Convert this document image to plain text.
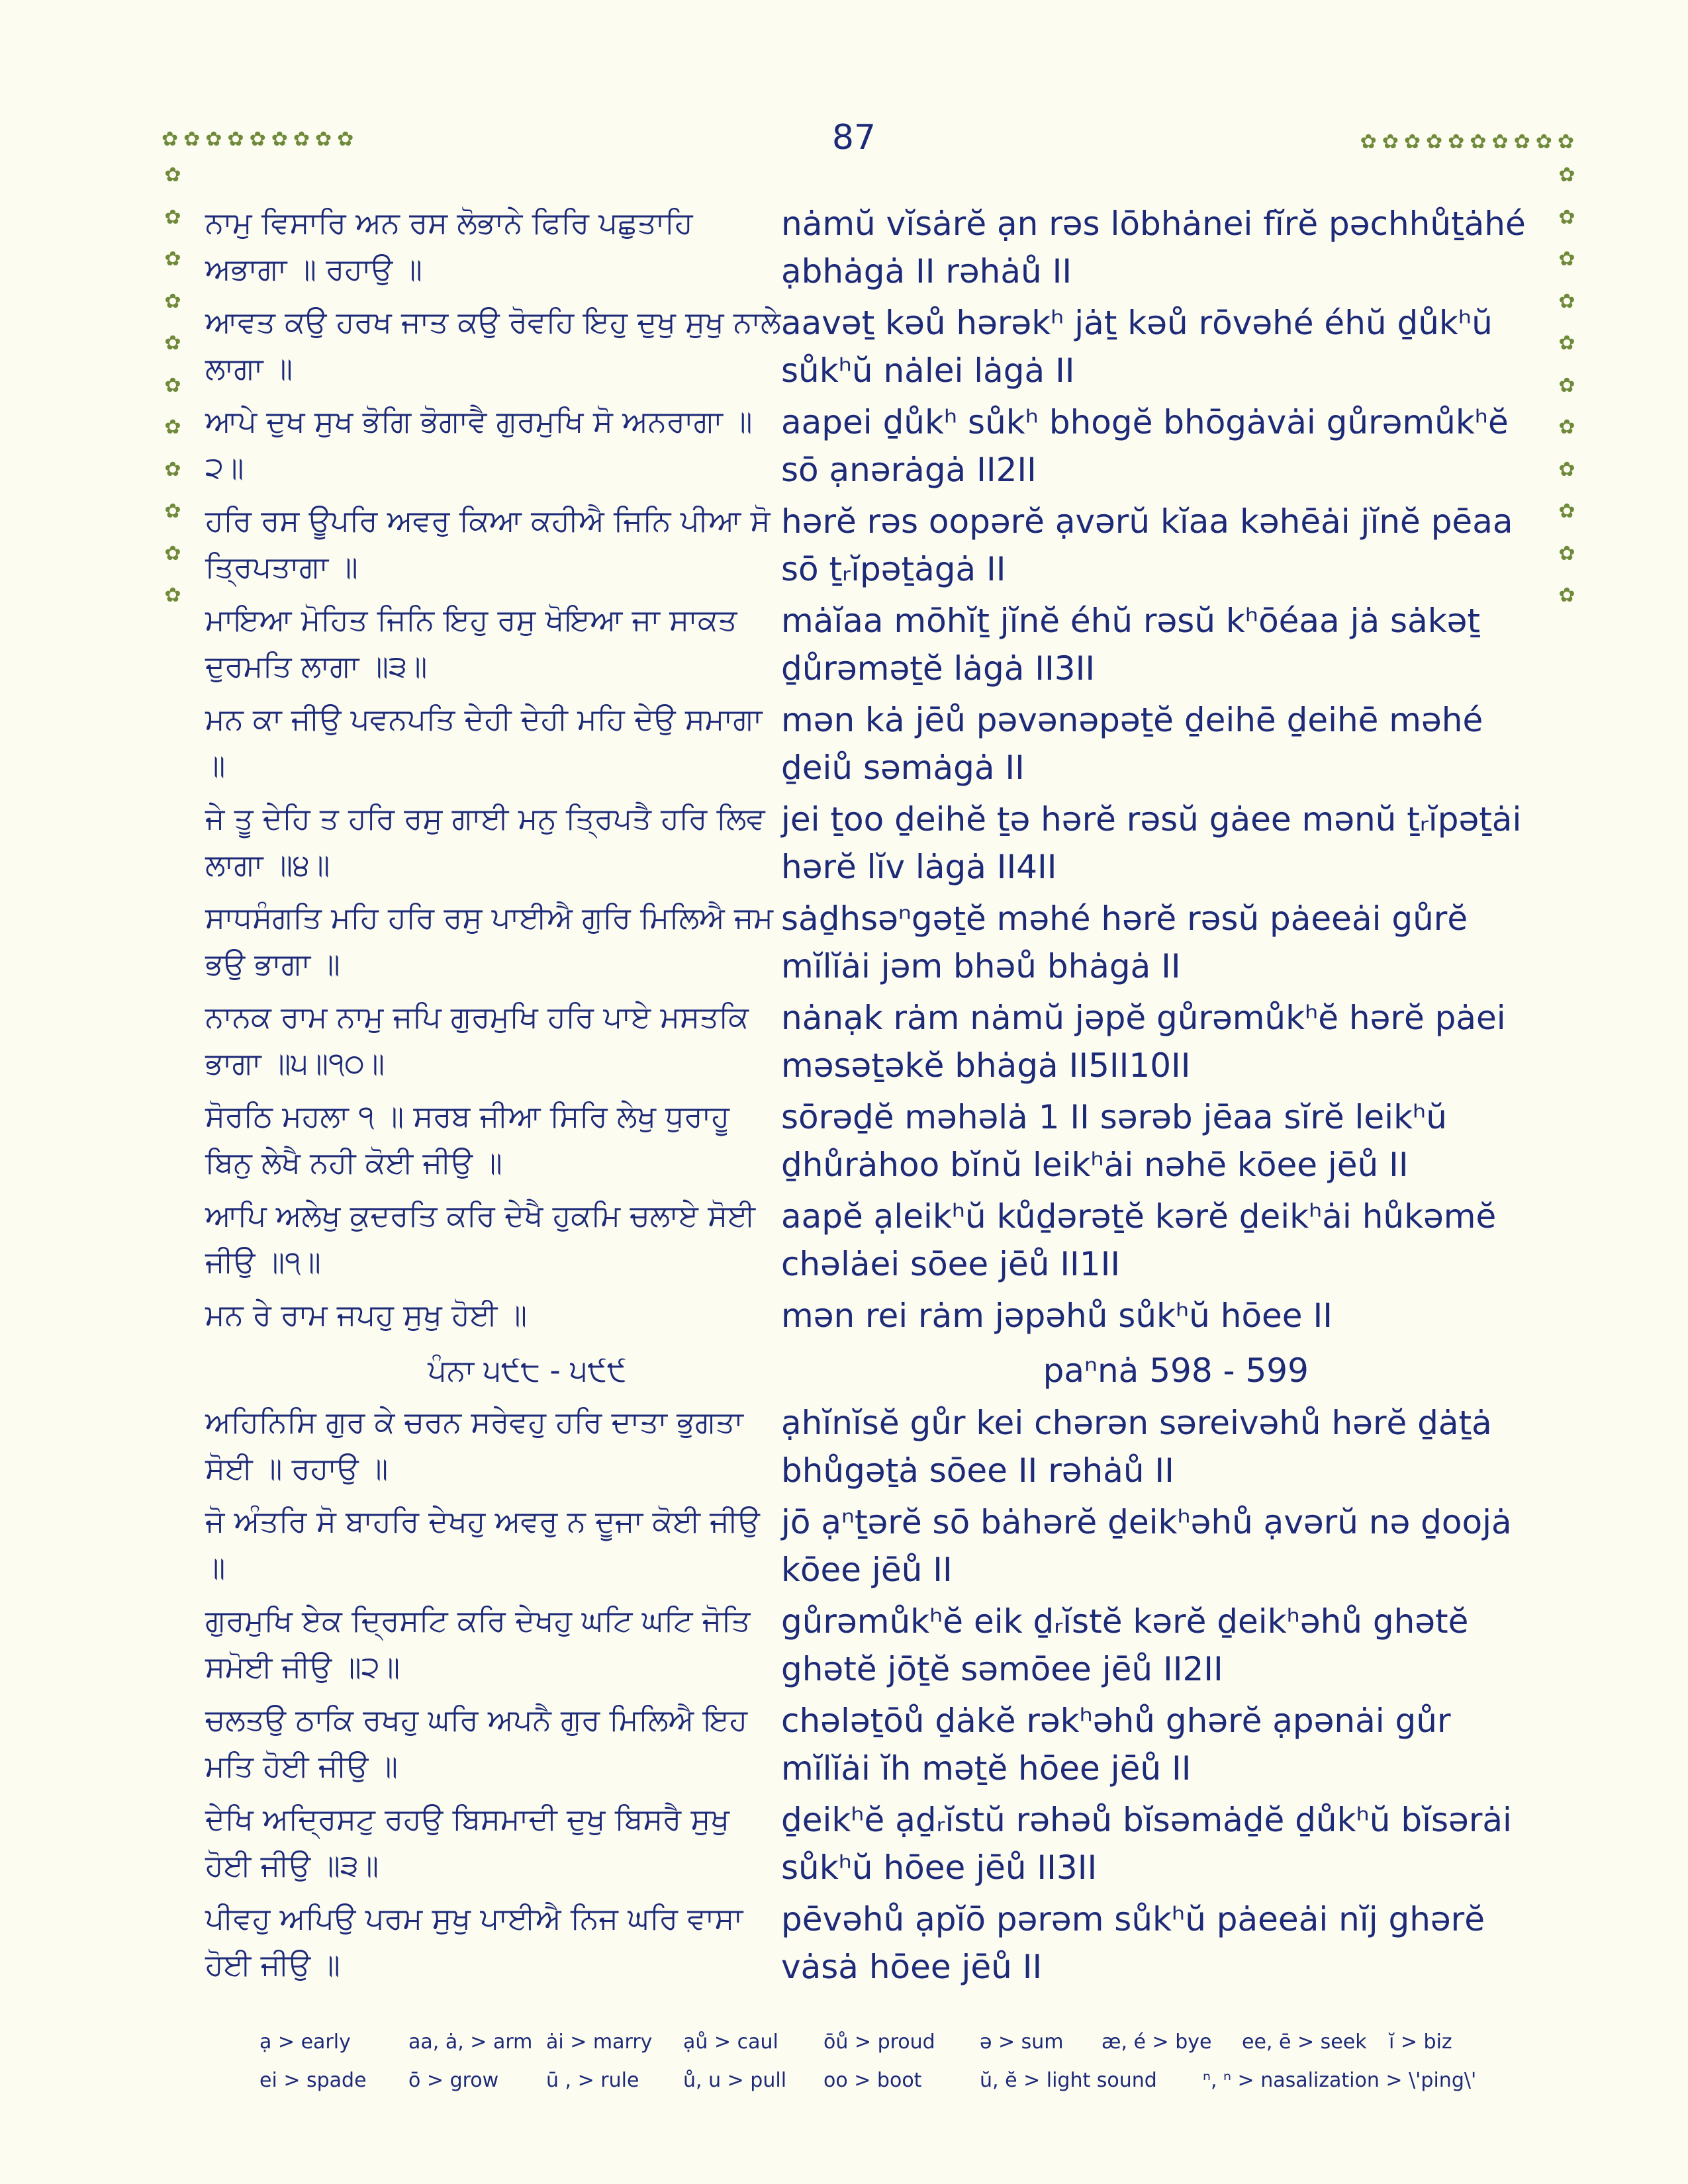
✿✿✿✿✿✿✿✿✿	87	✿✿✿✿✿✿✿✿✿✿
✿
✿
✿
✿
✿
✿
✿
✿
✿
✿
✿
✿
✿
✿
✿
✿
✿
✿
✿
✿
✿
✿
ਨਾਮੁ ਵਿਸਾਰਿ ਅਨ ਰਸ ਲੋਭਾਨੇ ਫਿਰਿ ਪਛੁਤਾਹਿ ਅਭਾਗਾ ॥ ਰਹਾਉ ॥
nȧmŭ vĭsȧrĕ ạn rəs lōbhȧnei fĭrĕ pəchhůṯȧhé ạbhȧgȧ II rəhȧů II
ਆਵਤ ਕਉ ਹਰਖ ਜਾਤ ਕਉ ਰੋਵਹਿ ਇਹੁ ਦੁਖੁ ਸੁਖੁ ਨਾਲੇ ਲਾਗਾ ॥
aavəṯ kəů hərəkʰ jȧṯ kəů rōvəhé éhŭ ḏůkʰŭ sůkʰŭ nȧlei lȧgȧ II
ਆਪੇ ਦੁਖ ਸੁਖ ਭੋਗਿ ਭੋਗਾਵੈ ਗੁਰਮੁਖਿ ਸੋ ਅਨਰਾਗਾ ॥੨॥
aapei ḏůkʰ sůkʰ bhogĕ bhōgȧvȧi gůrəmůkʰĕ sō ạnərȧgȧ II2II
ਹਰਿ ਰਸ ਊਪਰਿ ਅਵਰੁ ਕਿਆ ਕਹੀਐ ਜਿਨਿ ਪੀਆ ਸੋ ਤ੍ਰਿਪਤਾਗਾ ॥
hərĕ rəs oopərĕ ạvərŭ kĭaa kəhēȧi jĭnĕ pēaa sō ṯᵣĭpəṯȧgȧ II
ਮਾਇਆ ਮੋਹਿਤ ਜਿਨਿ ਇਹੁ ਰਸੁ ਖੋਇਆ ਜਾ ਸਾਕਤ ਦੁਰਮਤਿ ਲਾਗਾ ॥੩॥
mȧĭaa mōhĭṯ jĭnĕ éhŭ rəsŭ kʰōéaa jȧ sȧkəṯ ḏůrəməṯĕ lȧgȧ II3II
ਮਨ ਕਾ ਜੀਉ ਪਵਨਪਤਿ ਦੇਹੀ ਦੇਹੀ ਮਹਿ ਦੇਉ ਸਮਾਗਾ ॥
mən kȧ jēů pəvənəpəṯĕ ḏeihē ḏeihē məhé ḏeiů səmȧgȧ II
ਜੇ ਤੂ ਦੇਹਿ ਤ ਹਰਿ ਰਸੁ ਗਾਈ ਮਨੁ ਤ੍ਰਿਪਤੈ ਹਰਿ ਲਿਵ ਲਾਗਾ ॥੪॥
jei ṯoo ḏeihĕ ṯə hərĕ rəsŭ gȧee mənŭ ṯᵣĭpəṯȧi hərĕ lĭv lȧgȧ II4II
ਸਾਧਸੰਗਤਿ ਮਹਿ ਹਰਿ ਰਸੁ ਪਾਈਐ ਗੁਰਿ ਮਿਲਿਐ ਜਮ ਭਉ ਭਾਗਾ ॥
sȧḏhsəⁿgəṯĕ məhé hərĕ rəsŭ pȧeeȧi gůrĕ mĭlĭȧi jəm bhəů bhȧgȧ II
ਨਾਨਕ ਰਾਮ ਨਾਮੁ ਜਪਿ ਗੁਰਮੁਖਿ ਹਰਿ ਪਾਏ ਮਸਤਕਿ ਭਾਗਾ ॥੫॥੧੦॥
nȧnạk rȧm nȧmŭ jəpĕ gůrəmůkʰĕ hərĕ pȧei məsəṯəkĕ bhȧgȧ II5II10II
ਸੋਰਠਿ ਮਹਲਾ ੧ ॥ ਸਰਬ ਜੀਆ ਸਿਰਿ ਲੇਖੁ ਧੁਰਾਹੂ ਬਿਨੁ ਲੇਖੈ ਨਹੀ ਕੋਈ ਜੀਉ ॥
sōrəḏĕ məhəlȧ 1 II sərəb jēaa sĭrĕ leikʰŭ ḏhůrȧhoo bĭnŭ leikʰȧi nəhē kōee jēů II
ਆਪਿ ਅਲੇਖੁ ਕੁਦਰਤਿ ਕਰਿ ਦੇਖੈ ਹੁਕਮਿ ਚਲਾਏ ਸੋਈ ਜੀਉ ॥੧॥
aapĕ ạleikʰŭ kůḏərəṯĕ kərĕ ḏeikʰȧi hůkəmĕ chəlȧei sōee jēů II1II
ਮਨ ਰੇ ਰਾਮ ਜਪਹੁ ਸੁਖੁ ਹੋਈ ॥	mən rei rȧm jəpəhů sůkʰŭ hōee II
ਪੰਨਾ ੫੯੮ - ੫੯੯	paⁿnȧ 598 - 599
ਅਹਿਨਿਸਿ ਗੁਰ ਕੇ ਚਰਨ ਸਰੇਵਹੁ ਹਰਿ ਦਾਤਾ ਭੁਗਤਾ ਸੋਈ ॥ ਰਹਾਉ ॥
ạhĭnĭsĕ gůr kei chərən səreivəhů hərĕ ḏȧṯȧ bhůgəṯȧ sōee II rəhȧů II
ਜੋ ਅੰਤਰਿ ਸੋ ਬਾਹਰਿ ਦੇਖਹੁ ਅਵਰੁ ਨ ਦੂਜਾ ਕੋਈ ਜੀਉ ॥
jō ạⁿṯərĕ sō bȧhərĕ ḏeikʰəhů ạvərŭ nə ḏoojȧ kōee jēů II
ਗੁਰਮੁਖਿ ਏਕ ਦ੍ਰਿਸਟਿ ਕਰਿ ਦੇਖਹੁ ਘਟਿ ਘਟਿ ਜੋਤਿ ਸਮੋਈ ਜੀਉ ॥੨॥
gůrəmůkʰĕ eik ḏᵣĭstĕ kərĕ ḏeikʰəhů ghətĕ ghətĕ jōṯĕ səmōee jēů II2II
ਚਲਤਉ ਠਾਕਿ ਰਖਹੁ ਘਰਿ ਅਪਨੈ ਗੁਰ ਮਿਲਿਐ ਇਹ ਮਤਿ ਹੋਈ ਜੀਉ ॥
chələṯōů ḏȧkĕ rəkʰəhů ghərĕ ạpənȧi gůr mĭlĭȧi ĭh məṯĕ hōee jēů II
ਦੇਖਿ ਅਦ੍ਰਿਸਟੁ ਰਹਉ ਬਿਸਮਾਦੀ ਦੁਖੁ ਬਿਸਰੈ ਸੁਖੁ ਹੋਈ ਜੀਉ ॥੩॥
ḏeikʰĕ ạḏᵣĭstŭ rəhəů bĭsəmȧḏĕ ḏůkʰŭ bĭsərȧi sůkʰŭ hōee jēů II3II
ਪੀਵਹੁ ਅਪਿਉ ਪਰਮ ਸੁਖੁ ਪਾਈਐ ਨਿਜ ਘਰਿ ਵਾਸਾ ਹੋਈ ਜੀਉ ॥
pēvəhů ạpĭō pərəm sůkʰŭ pȧeeȧi nĭj ghərĕ vȧsȧ hōee jēů II
ạ > early	aa, ȧ, > arm ȧi > marry ạů > caul ōů > proud ə > sum æ, é > bye ee, ē > seek ĭ > biz
ei > spade ō > grow ū , > rule ů, u > pull oo > boot	ŭ, ĕ > light sound ⁿ, ⁿ > nasalization > \'ping\'
